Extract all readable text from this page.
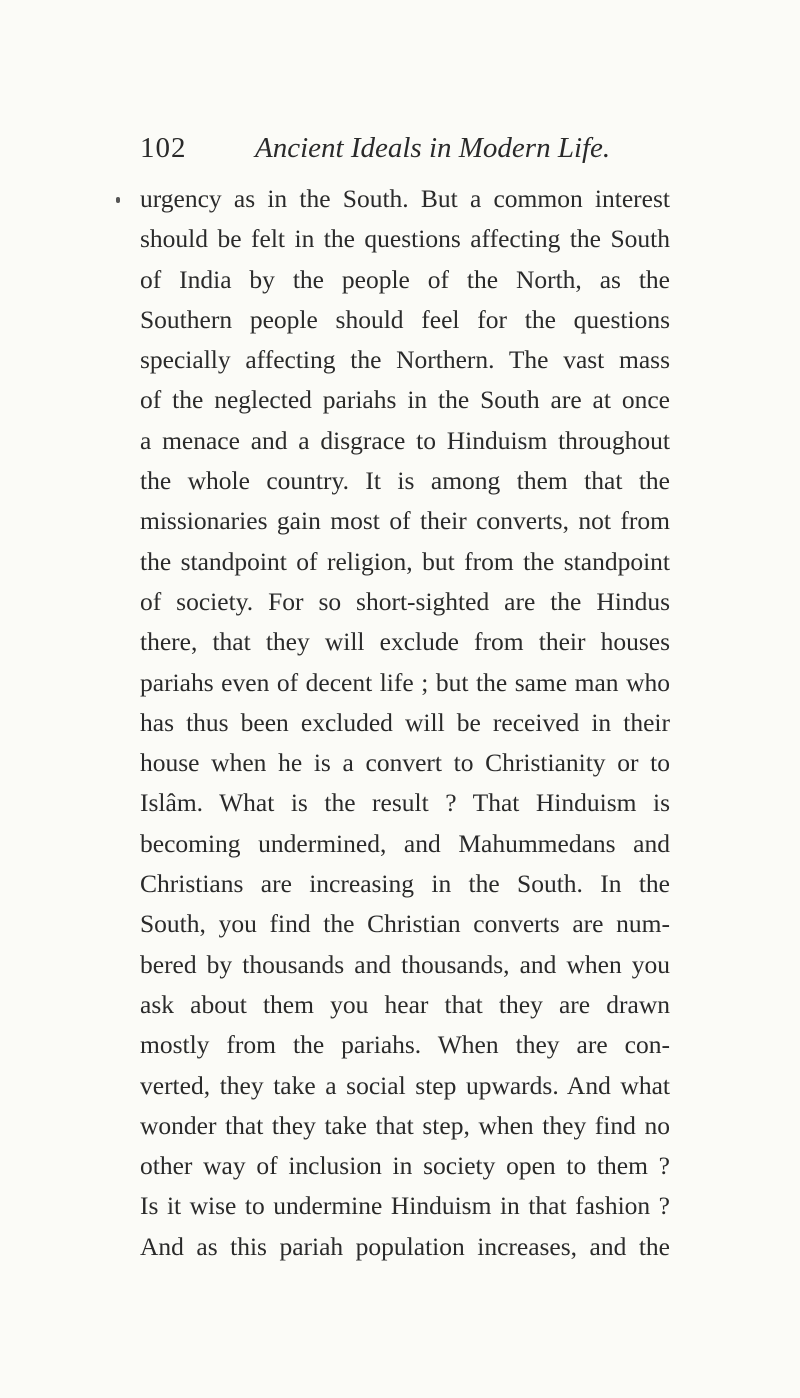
102 Ancient Ideals in Modern Life.
urgency as in the South. But a common interest
should be felt in the questions affecting the South
of India by the people of the North, as the
Southern people should feel for the questions
specially affecting the Northern. The vast mass
of the neglected pariahs in the South are at once
a menace and a disgrace to Hinduism throughout
the whole country. It is among them that the
missionaries gain most of their converts, not from
the standpoint of religion, but from the standpoint
of society. For so short-sighted are the Hindus
there, that they will exclude from their houses
pariahs even of decent life ; but the same man who
has thus been excluded will be received in their
house when he is a convert to Christianity or to
Islâm. What is the result ? That Hinduism is
becoming undermined, and Mahummedans and
Christians are increasing in the South. In the
South, you find the Christian converts are num-
bered by thousands and thousands, and when you
ask about them you hear that they are drawn
mostly from the pariahs. When they are con-
verted, they take a social step upwards. And what
wonder that they take that step, when they find no
other way of inclusion in society open to them ?
Is it wise to undermine Hinduism in that fashion ?
And as this pariah population increases, and the
